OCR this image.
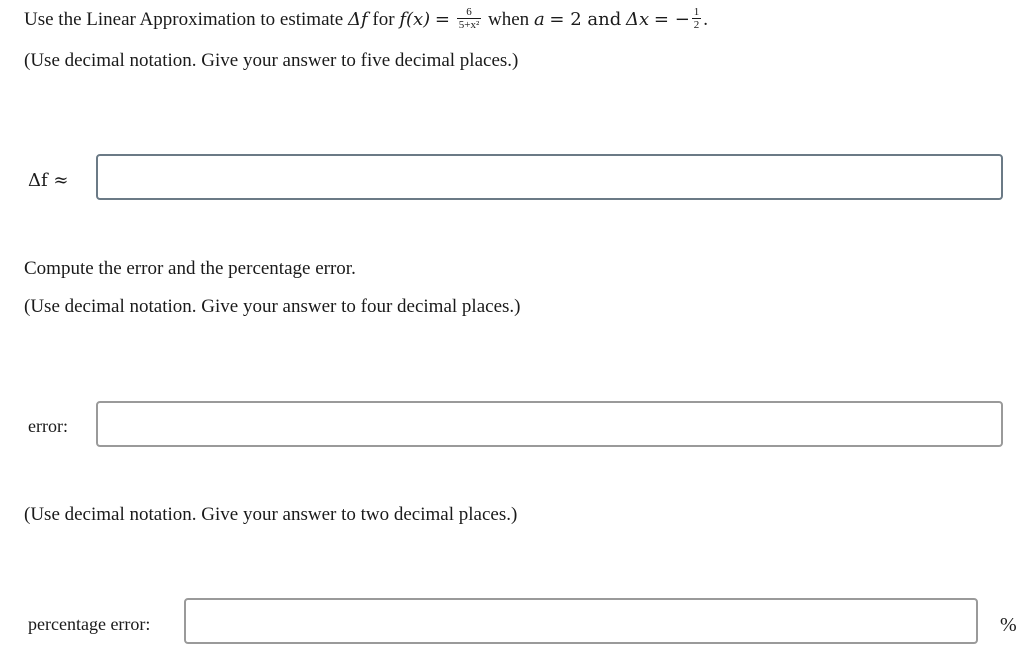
Use the Linear Approximation to estimate Δf for $f(x) = \frac{6}{\text{5+x²}}$ when a = 2 and Δx = − $\frac{1}{2}$ .
(Use decimal notation. Give your answer to five decimal places.)
Δf ≈
Compute the error and the percentage error.
(Use decimal notation. Give your answer to four decimal places.)
error:
(Use decimal notation. Give your answer to two decimal places.)
percentage error:	%
